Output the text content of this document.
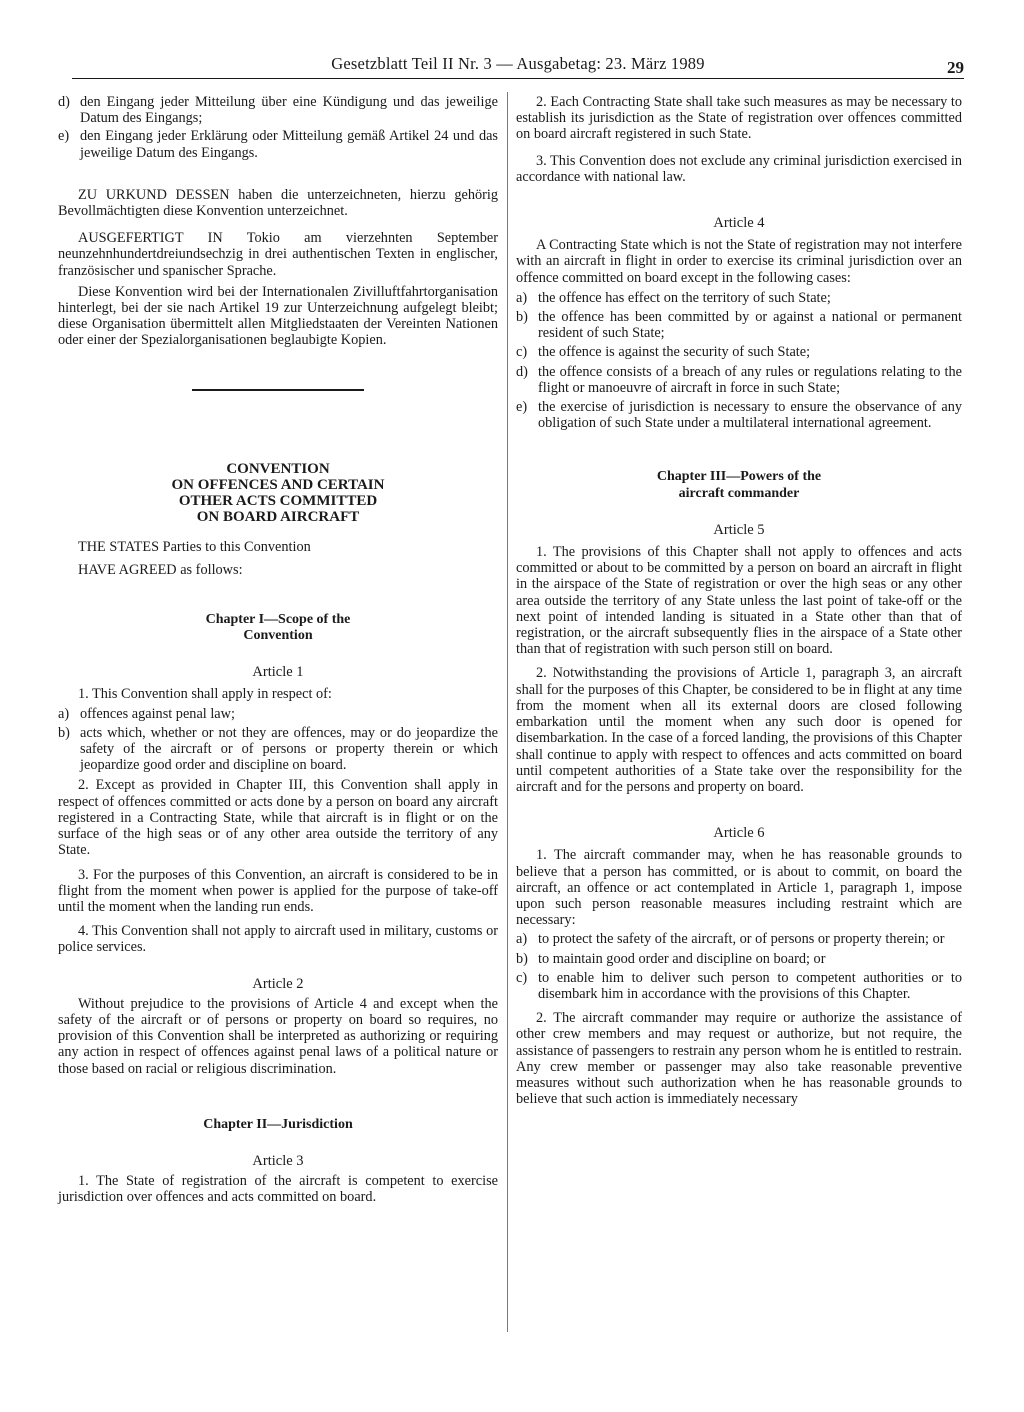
Gesetzblatt Teil II Nr. 3 — Ausgabetag: 23. März 1989	29
d) den Eingang jeder Mitteilung über eine Kündigung und das jeweilige Datum des Eingangs;
e) den Eingang jeder Erklärung oder Mitteilung gemäß Artikel 24 und das jeweilige Datum des Eingangs.

ZU URKUND DESSEN haben die unterzeichneten, hierzu gehörig Bevollmächtigten diese Konvention unterzeichnet.

AUSGEFERTIGT IN Tokio am vierzehnten September neunzehnhundertdreiundsechzig in drei authentischen Texten in englischer, französischer und spanischer Sprache.

Diese Konvention wird bei der Internationalen Zivilluftfahrtorganisation hinterlegt, bei der sie nach Artikel 19 zur Unterzeichnung aufgelegt bleibt; diese Organisation übermittelt allen Mitgliedstaaten der Vereinten Nationen oder einer der Spezialorganisationen beglaubigte Kopien.

CONVENTION
ON OFFENCES AND CERTAIN
OTHER ACTS COMMITTED
ON BOARD AIRCRAFT

THE STATES Parties to this Convention

HAVE AGREED as follows:

Chapter I—Scope of the
Convention
Article 1

1. This Convention shall apply in respect of:

a) offences against penal law;
b) acts which, whether or not they are offences, may or do jeopardize the safety of the aircraft or of persons or property therein or which jeopardize good order and discipline on board.

2. Except as provided in Chapter III, this Convention shall apply in respect of offences committed or acts done by a person on board any aircraft registered in a Contracting State, while that aircraft is in flight or on the surface of the high seas or of any other area outside the territory of any State.

3. For the purposes of this Convention, an aircraft is considered to be in flight from the moment when power is applied for the purpose of take-off until the moment when the landing run ends.

4. This Convention shall not apply to aircraft used in military, customs or police services.

Article 2

Without prejudice to the provisions of Article 4 and except when the safety of the aircraft or of persons or property on board so requires, no provision of this Convention shall be interpreted as authorizing or requiring any action in respect of offences against penal laws of a political nature or those based on racial or religious discrimination.

Chapter II—Jurisdiction
Article 3

1. The State of registration of the aircraft is competent to exercise jurisdiction over offences and acts committed on board.

2. Each Contracting State shall take such measures as may be necessary to establish its jurisdiction as the State of registration over offences committed on board aircraft registered in such State.

3. This Convention does not exclude any criminal jurisdiction exercised in accordance with national law.

Article 4

A Contracting State which is not the State of registration may not interfere with an aircraft in flight in order to exercise its criminal jurisdiction over an offence committed on board except in the following cases:

a) the offence has effect on the territory of such State;
b) the offence has been committed by or against a national or permanent resident of such State;
c) the offence is against the security of such State;
d) the offence consists of a breach of any rules or regulations relating to the flight or manoeuvre of aircraft in force in such State;
e) the exercise of jurisdiction is necessary to ensure the observance of any obligation of such State under a multilateral international agreement.
Chapter III—Powers of the
aircraft commander
Article 5

1. The provisions of this Chapter shall not apply to offences and acts committed or about to be committed by a person on board an aircraft in flight in the airspace of the State of registration or over the high seas or any other area outside the territory of any State unless the last point of take-off or the next point of intended landing is situated in a State other than that of registration, or the aircraft subsequently flies in the airspace of a State other than that of registration with such person still on board.

2. Notwithstanding the provisions of Article 1, paragraph 3, an aircraft shall for the purposes of this Chapter, be considered to be in flight at any time from the moment when all its external doors are closed following embarkation until the moment when any such door is opened for disembarkation. In the case of a forced landing, the provisions of this Chapter shall continue to apply with respect to offences and acts committed on board until competent authorities of a State take over the responsibility for the aircraft and for the persons and property on board.

Article 6

1. The aircraft commander may, when he has reasonable grounds to believe that a person has committed, or is about to commit, on board the aircraft, an offence or act contemplated in Article 1, paragraph 1, impose upon such person reasonable measures including restraint which are necessary:

a) to protect the safety of the aircraft, or of persons or property therein; or
b) to maintain good order and discipline on board; or
c) to enable him to deliver such person to competent authorities or to disembark him in accordance with the provisions of this Chapter.

2. The aircraft commander may require or authorize the assistance of other crew members and may request or authorize, but not require, the assistance of passengers to restrain any person whom he is entitled to restrain. Any crew member or passenger may also take reasonable preventive measures without such authorization when he has reasonable grounds to believe that such action is immediately necessary
